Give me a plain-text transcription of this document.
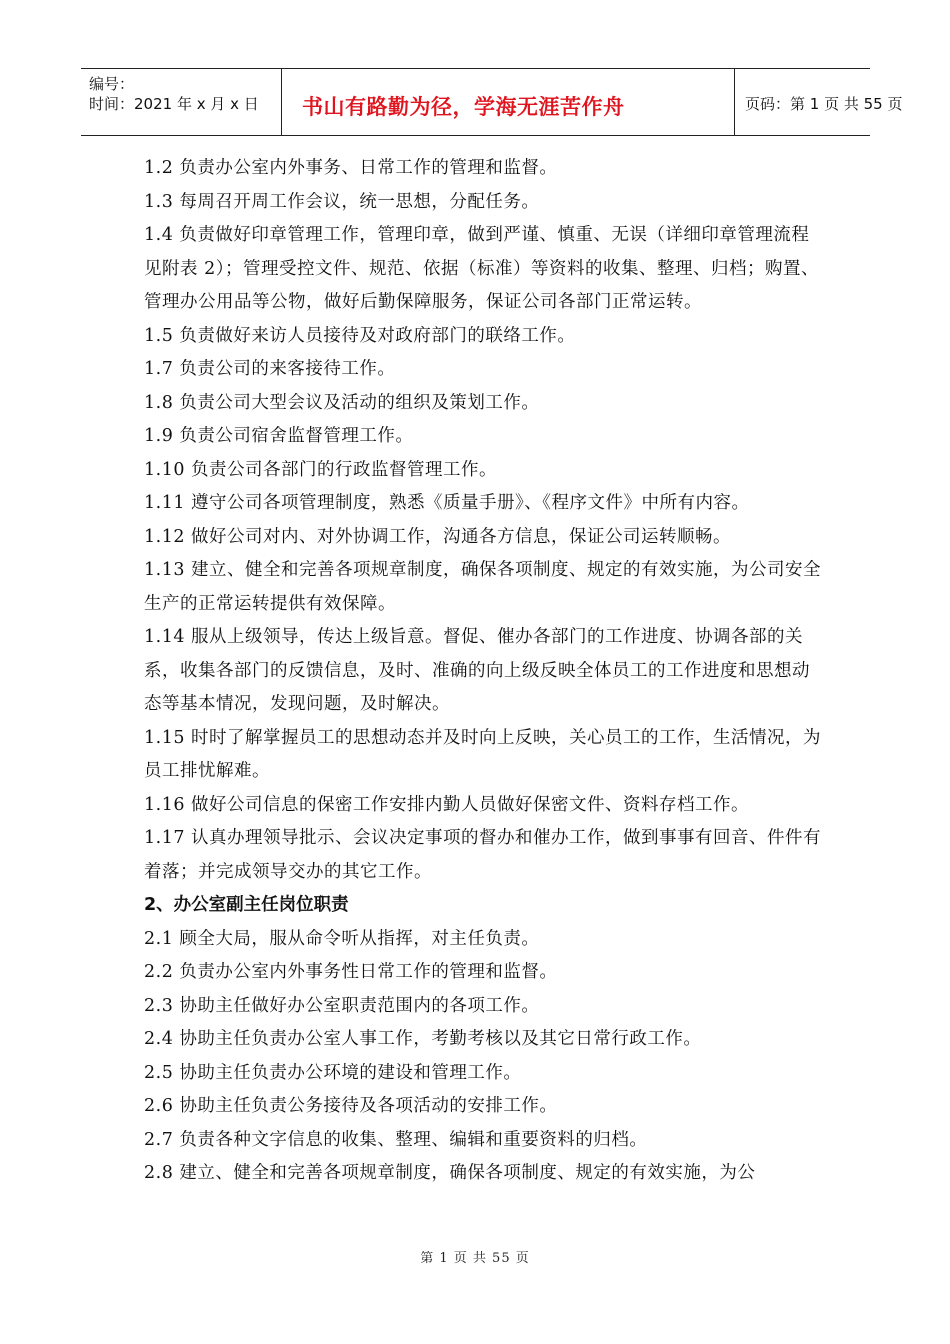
编号：
时间：2021 年 x 月 x 日 书山有路勤为径，学海无涯苦作舟	页码：第 1 页 共 55 页

1.2 负责办公室内外事务、日常工作的管理和监督。

1.3 每周召开周工作会议，统一思想，分配任务。

1.4 负责做好印章管理工作，管理印章，做到严谨、慎重、无误（详细印章管理流程见附表 2）；管理受控文件、规范、依据（标准）等资料的收集、整理、归档；购置、管理办公用品等公物，做好后勤保障服务，保证公司各部门正常运转。

1.5 负责做好来访人员接待及对政府部门的联络工作。

1.7 负责公司的来客接待工作。

1.8 负责公司大型会议及活动的组织及策划工作。

1.9 负责公司宿舍监督管理工作。

1.10 负责公司各部门的行政监督管理工作。

1.11 遵守公司各项管理制度，熟悉《质量手册》、《程序文件》中所有内容。

1.12 做好公司对内、对外协调工作，沟通各方信息，保证公司运转顺畅。

1.13 建立、健全和完善各项规章制度，确保各项制度、规定的有效实施，为公司安全生产的正常运转提供有效保障。

1.14 服从上级领导，传达上级旨意。督促、催办各部门的工作进度、协调各部的关系，收集各部门的反馈信息，及时、准确的向上级反映全体员工的工作进度和思想动态等基本情况，发现问题，及时解决。

1.15 时时了解掌握员工的思想动态并及时向上反映，关心员工的工作，生活情况，为员工排忧解难。

1.16 做好公司信息的保密工作安排内勤人员做好保密文件、资料存档工作。

1.17 认真办理领导批示、会议决定事项的督办和催办工作，做到事事有回音、件件有着落；并完成领导交办的其它工作。

2、办公室副主任岗位职责

2.1 顾全大局，服从命令听从指挥，对主任负责。

2.2 负责办公室内外事务性日常工作的管理和监督。

2.3 协助主任做好办公室职责范围内的各项工作。

2.4 协助主任负责办公室人事工作，考勤考核以及其它日常行政工作。

2.5 协助主任负责办公环境的建设和管理工作。

2.6 协助主任负责公务接待及各项活动的安排工作。

2.7 负责各种文字信息的收集、整理、编辑和重要资料的归档。

2.8 建立、健全和完善各项规章制度，确保各项制度、规定的有效实施，为公

第 1 页 共 55 页
